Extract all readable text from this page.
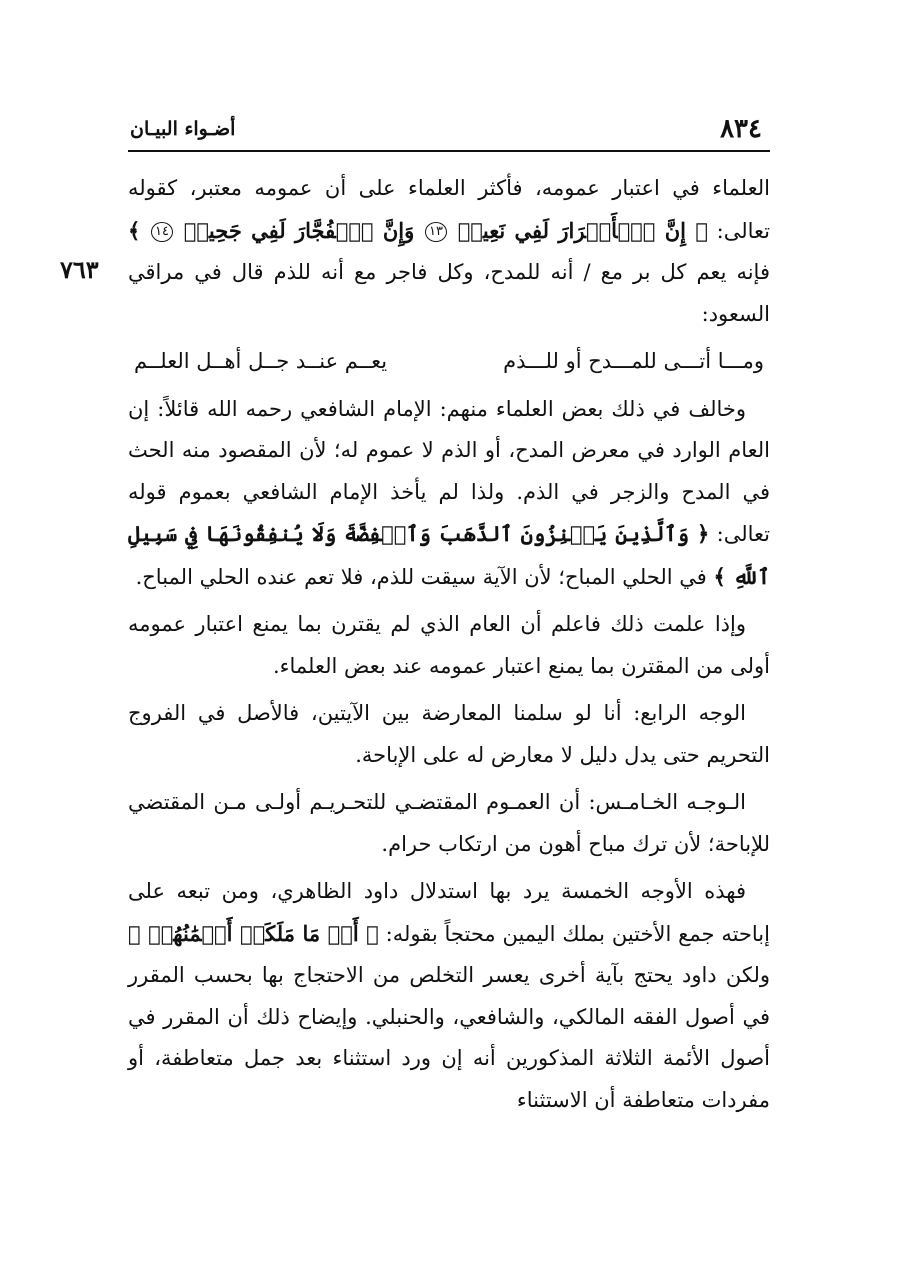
٨٣٤
أضـواء البيـان
٧٦٣

العلماء في اعتبار عمومه، فأكثر العلماء على أن عمومه معتبر، كقوله تعالى: ﴿ إِنَّ ٱلۡأَبۡرَارَ لَفِي نَعِيمٖ ١٣ وَإِنَّ ٱلۡفُجَّارَ لَفِي جَحِيمٖ ١٤ ﴾ فإنه يعم كل بر مع / أنه للمدح، وكل فاجر مع أنه للذم قال في مراقي السعود:

ومـــا أتـــى للمـــدح أو للـــذم
يعــم عنــد جــل أهــل العلــم

وخالف في ذلك بعض العلماء منهم: الإمام الشافعي رحمه الله قائلاً: إن العام الوارد في معرض المدح، أو الذم لا عموم له؛ لأن المقصود منه الحث في المدح والزجر في الذم. ولذا لم يأخذ الإمام الشافعي بعموم قوله تعالى: ﴿ وَٱلَّذِينَ يَكۡنِزُونَ ٱلذَّهَبَ وَٱلۡفِضَّةَ وَلَا يُنفِقُونَهَا فِي سَبِيلِ ٱللَّهِ ﴾ في الحلي المباح؛ لأن الآية سيقت للذم، فلا تعم عنده الحلي المباح.

وإذا علمت ذلك فاعلم أن العام الذي لم يقترن بما يمنع اعتبار عمومه أولى من المقترن بما يمنع اعتبار عمومه عند بعض العلماء.

الوجه الرابع: أنا لو سلمنا المعارضة بين الآيتين، فالأصل في الفروج التحريم حتى يدل دليل لا معارض له على الإباحة.

الـوجـه الخـامـس: أن العمـوم المقتضـي للتحـريـم أولـى مـن المقتضي للإباحة؛ لأن ترك مباح أهون من ارتكاب حرام.

فهذه الأوجه الخمسة يرد بها استدلال داود الظاهري، ومن تبعه على إباحته جمع الأختين بملك اليمين محتجاً بقوله: ﴿ أَوۡ مَا مَلَكَتۡ أَيۡمَٰنُهُمۡ ﴾ ولكن داود يحتج بآية أخرى يعسر التخلص من الاحتجاج بها بحسب المقرر في أصول الفقه المالكي، والشافعي، والحنبلي. وإيضاح ذلك أن المقرر في أصول الأئمة الثلاثة المذكورين أنه إن ورد استثناء بعد جمل متعاطفة، أو مفردات متعاطفة أن الاستثناء
